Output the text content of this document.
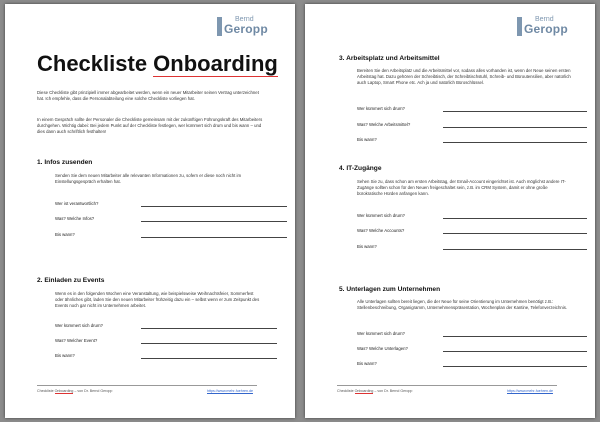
Bernd
Geropp
Checkliste Onboarding

Diese Checkliste gibt prinzipiell immer abgearbeitet werden, wenn ein neuer Mitarbeiter seinen Vertrag unterzeichnet hat. Ich empfehle, dass die Personalabteilung eine solche Checkliste vorliegen hat.

In einem Gespräch sollte der Personaler die Checkliste gemeinsam mit der zukünftigen Führungskraft des Mitarbeiters durchgehen. Wichtig dabei: Bei jedem Punkt auf der Checkliste festlegen, wer kümmert sich drum und bis wann – und dies dann auch schriftlich festhalten!

1. Infos zusenden

Senden Sie dem neuen Mitarbeiter alle relevanten Informationen zu, sofern er diese noch nicht im Einstellungsgespräch erhalten hat.

Wer ist verantwortlich?
Was? Welche Infos?
Bis wann?
2. Einladen zu Events

Wenn es in den folgenden Wochen eine Veranstaltung, wie beispielsweise Weihnachtsfeier, Sommerfest oder ähnliches gibt, laden Sie den neuen Mitarbeiter frühzeitig dazu ein – selbst wenn er zum Zeitpunkt des Events noch gar nicht im Unternehmen arbeitet.

Wer kümmert sich drum?
Was? Welcher Event?
Bis wann?
Checkliste Onboarding – von Dr. Bernd Geropp	https://www.mehr-fuehren.de
Bernd
Geropp
3. Arbeitsplatz und Arbeitsmittel

Bereiten Sie den Arbeitsplatz und die Arbeitsmittel vor, sodass alles vorhanden ist, wenn der Neue seinen ersten Arbeitstag hat. Dazu gehören der Schreibtisch, der Schreibtischstuhl, Schreib- und Büroutensilien, aber natürlich auch Laptop, Smart Phone etc. Ach ja und natürlich Büroschlüssel.

Wer kümmert sich drum?
Was? Welche Arbeitsmittel?
Bis wann?
4. IT-Zugänge

Sehen Sie zu, dass schon am ersten Arbeitstag, der Email-Account eingerichtet ist. Auch möglichst andere IT-Zugänge sollten schon für den Neuen freigeschaltet sein, z.B. im CRM System, damit er ohne große bürokratische Hürden anfangen kann.

Wer kümmert sich drum?
Was? Welche Accounts?
Bis wann?
5. Unterlagen zum Unternehmen

Alle Unterlagen sollten bereit liegen, die der Neue für seine Orientierung im Unternehmen benötigt z.B.: Stellenbeschreibung, Organigramm, Unternehmenspräsentation, Wochenplan der Kantine, Telefonverzeichnis.

Wer kümmert sich drum?
Was? Welche Unterlagen?
Bis wann?
Checkliste Onboarding – von Dr. Bernd Geropp	https://www.mehr-fuehren.de
